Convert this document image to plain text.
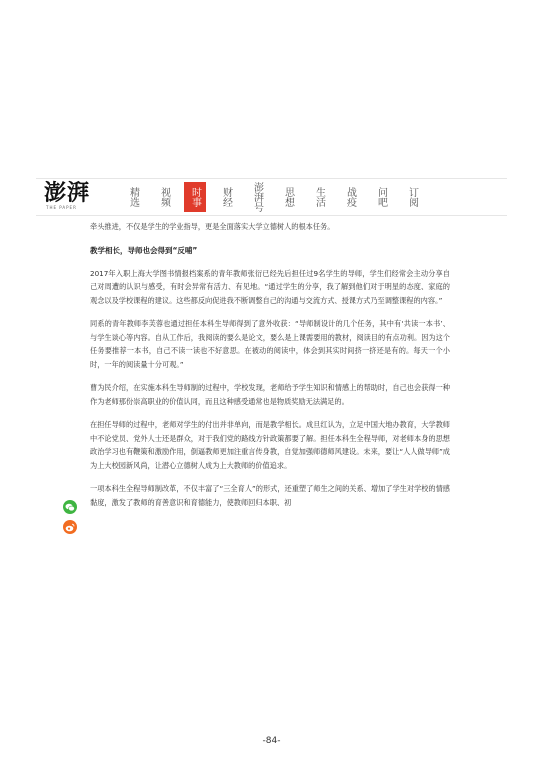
澎湃
THE PAPER
精选	视频	时事	财经	澎湃号	思想	生活	战疫	问吧	订阅

牵头推进，不仅是学生的学业指导，更是全面落实大学立德树人的根本任务。

教学相长，导师也会得到“反哺”

2017年入职上海大学图书情报档案系的青年教师张衍已经先后担任过9名学生的导师，学生们经常会主动分享自己对周遭的认识与感受，有时会异常有活力、有见地。“通过学生的分享，我了解到他们对于明星的态度、家庭的观念以及学校课程的建议。这些都反向促进我不断调整自己的沟通与交流方式、授课方式乃至调整课程的内容。”

同系的青年教师李芙蓉也通过担任本科生导师得到了意外收获：“导师制设计的几个任务，其中有‘共读一本书’、与学生谈心等内容。自从工作后，我阅读的要么是论文，要么是上课需要用的教材，阅读目的有点功利。因为这个任务要推荐一本书，自己不读一读也不好意思。在被动的阅读中，体会到其实时间挤一挤还是有的。每天一个小时，一年的阅读量十分可观。”

曹为民介绍，在实施本科生导师制的过程中，学校发现，老师给予学生知识和情感上的帮助时，自己也会获得一种作为老师那份崇高职业的价值认同，而且这种感受通常也是物质奖励无法满足的。

在担任导师的过程中，老师对学生的付出并非单向，而是教学相长。成旦红认为，立足中国大地办教育，大学教师中不论党员、党外人士还是群众，对于我们党的路线方针政策都要了解。担任本科生全程导师，对老师本身的思想政治学习也有鞭策和激励作用，倒逼教师更加注重言传身教，自觉加强师德师风建设。未来，要让“人人做导师”成为上大校园新风尚，让潜心立德树人成为上大教师的价值追求。

一项本科生全程导师制改革，不仅丰富了“三全育人”的形式，还重塑了师生之间的关系、增加了学生对学校的情感黏度，激发了教师的育善意识和育德能力，使教师回归本职、初

-84-
